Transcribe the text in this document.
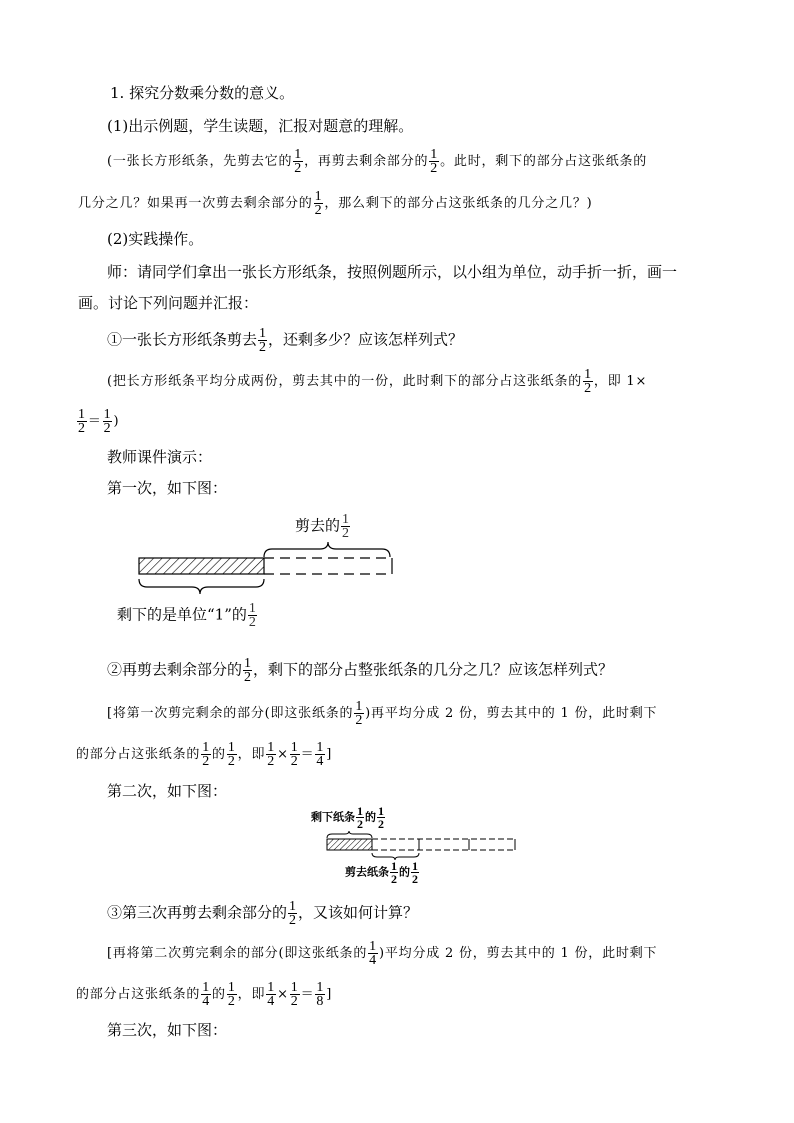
1. 探究分数乘分数的意义。
(1)出示例题，学生读题，汇报对题意的理解。
(一张长方形纸条，先剪去它的 $\frac{1}{2}$ ，再剪去剩余部分的 $\frac{1}{2}$ 。此时，剩下的部分占这张纸条的
几分之几？如果再一次剪去剩余部分的 $\frac{1}{2}$ ，那么剩下的部分占这张纸条的几分之几？)
(2)实践操作。
师：请同学们拿出一张长方形纸条，按照例题所示，以小组为单位，动手折一折，画一
画。讨论下列问题并汇报：
①一张长方形纸条剪去 $\frac{1}{2}$ ，还剩多少？应该怎样列式？
(把长方形纸条平均分成两份，剪去其中的一份，此时剩下的部分占这张纸条的 $\frac{1}{2}$ ，即 1×
$\frac{1}{2} = \frac{1}{2}$ )
教师课件演示：
第一次，如下图：
剪去的 $\frac{1}{2}$
剩下的是单位“1”的 $\frac{1}{2}$
②再剪去剩余部分的 $\frac{1}{2}$ ，剩下的部分占整张纸条的几分之几？应该怎样列式？
[将第一次剪完剩余的部分(即这张纸条的 $\frac{1}{2}$ )再平均分成 2 份，剪去其中的 1 份，此时剩下
的部分占这张纸条的 $\frac{1}{2}$ 的 $\frac{1}{2}$ ，即 $\frac{1}{2} \times \frac{1}{2} = \frac{1}{4}$ ]
第二次，如下图：
剩下纸条 $\frac{1}{2}$ 的 $\frac{1}{2}$
剪去纸条 $\frac{1}{2}$ 的 $\frac{1}{2}$
③第三次再剪去剩余部分的 $\frac{1}{2}$ ，又该如何计算？
[再将第二次剪完剩余的部分(即这张纸条的 $\frac{1}{4}$ )平均分成 2 份，剪去其中的 1 份，此时剩下
的部分占这张纸条的 $\frac{1}{4}$ 的 $\frac{1}{2}$ ，即 $\frac{1}{4} \times \frac{1}{2} = \frac{1}{8}$ ]
第三次，如下图：
